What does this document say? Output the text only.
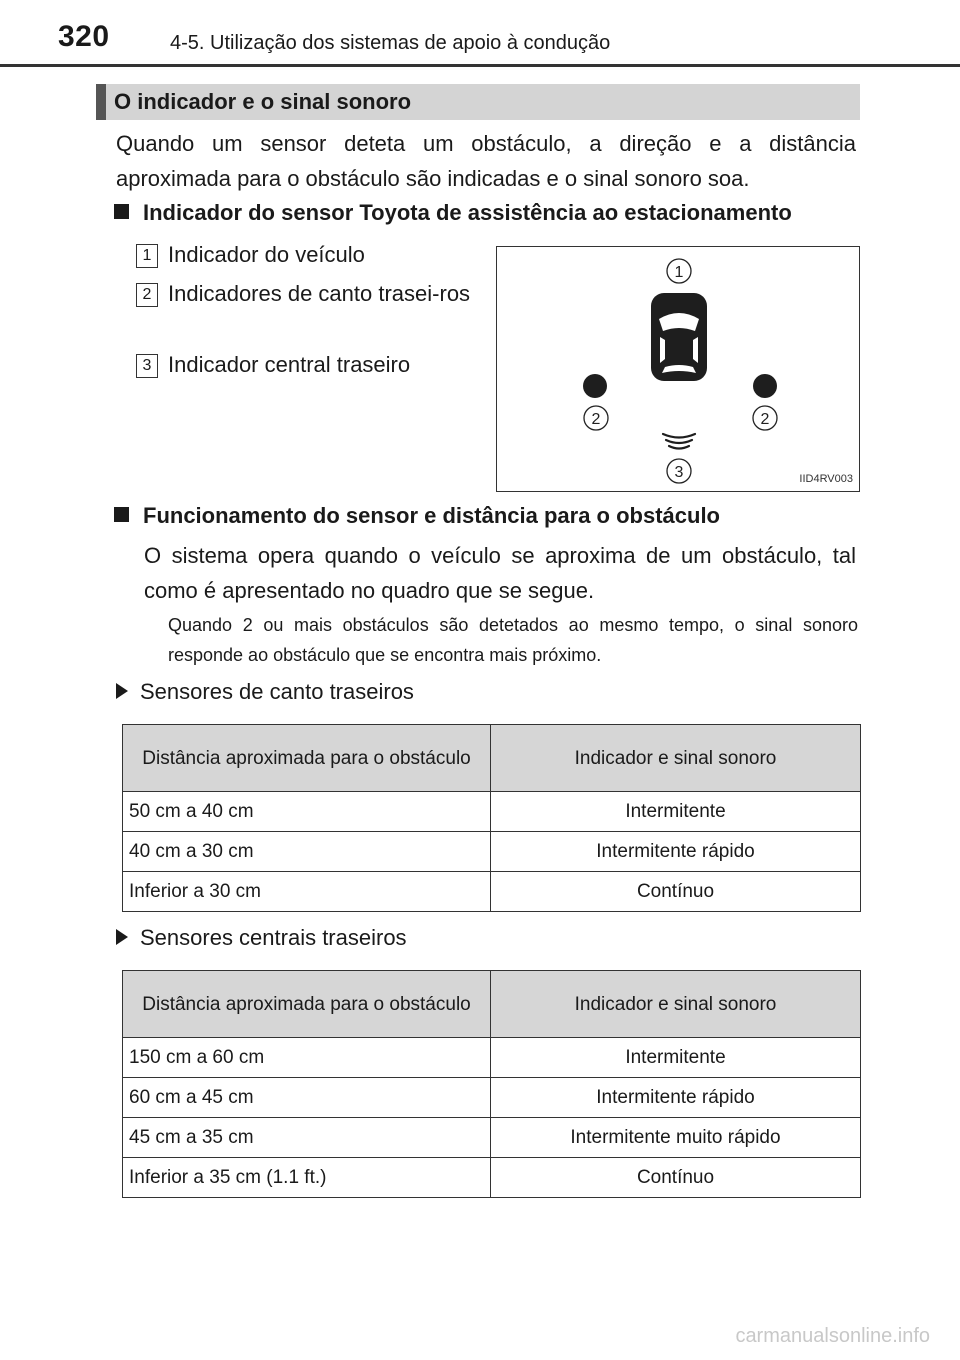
320	4-5. Utilização dos sistemas de apoio à condução
O indicador e o sinal sonoro
Quando um sensor deteta um obstáculo, a direção e a distância aproximada para o obstáculo são indicadas e o sinal sonoro soa.
Indicador do sensor Toyota de assistência ao estacionamento
1 Indicador do veículo
2 Indicadores de canto trasei-ros
3 Indicador central traseiro
1
2	2
3	IID4RV003
Funcionamento do sensor e distância para o obstáculo
O sistema opera quando o veículo se aproxima de um obstáculo, tal como é apresentado no quadro que se segue.
Quando 2 ou mais obstáculos são detetados ao mesmo tempo, o sinal sonoro responde ao obstáculo que se encontra mais próximo.
Sensores de canto traseiros
Distância aproximada para o obstáculo	Indicador e sinal sonoro
50 cm a 40 cm	Intermitente
40 cm a 30 cm	Intermitente rápido
Inferior a 30 cm	Contínuo
Sensores centrais traseiros
Distância aproximada para o obstáculo	Indicador e sinal sonoro
150 cm a 60 cm	Intermitente
60 cm a 45 cm	Intermitente rápido
45 cm a 35 cm	Intermitente muito rápido
Inferior a 35 cm (1.1 ft.)	Contínuo
carmanualsonline.info
